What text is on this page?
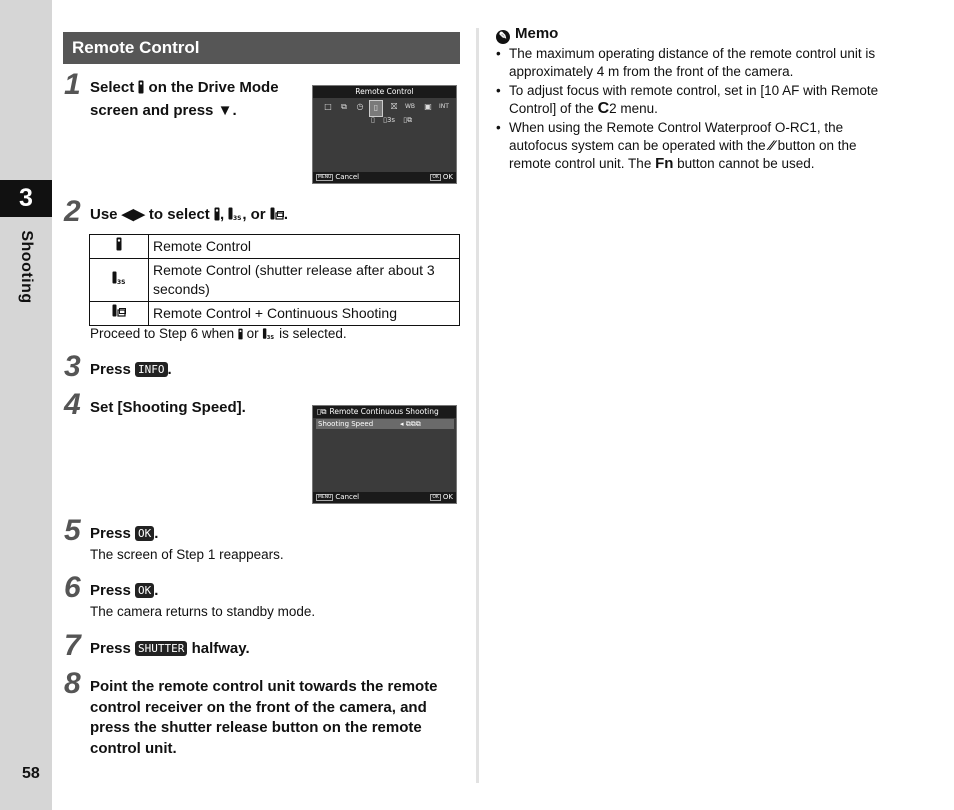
3
Shooting
58
Remote Control
1 Select  on the Drive Mode screen and press ▼.
Remote Control
□	⧉	◷	▯	⛝	WB	▣	INT
▯ ▯3s ▯⧉
MENU Cancel	OK OK
2 Use ◀▶ to select , 3S , or .
	Remote Control

3S	Remote Control (shutter release after about 3 seconds)
	Remote Control + Continuous Shooting
Proceed to Step 6 when  or 3S is selected.
3 Press INFO .
4 Set [Shooting Speed].	▯⧉ Remote Continuous Shooting
Shooting Speed	◂ ⧉⧉⧉
MENU Cancel	OK OK
5 Press OK .
The screen of Step 1 reappears.
6 Press OK .
The camera returns to standby mode.
7 Press SHUTTER halfway.
8 Point the remote control unit towards the remote control receiver on the front of the camera, and press the shutter release button on the remote control unit.
✎ Memo
• The maximum operating distance of the remote control unit is approximately 4 m from the front of the camera.
• To adjust focus with remote control, set in [10 AF with Remote Control] of the C2 menu.
• When using the Remote Control Waterproof O-RC1, the autofocus system can be operated with the ⁄⁄ button on the remote control unit. The Fn button cannot be used.
